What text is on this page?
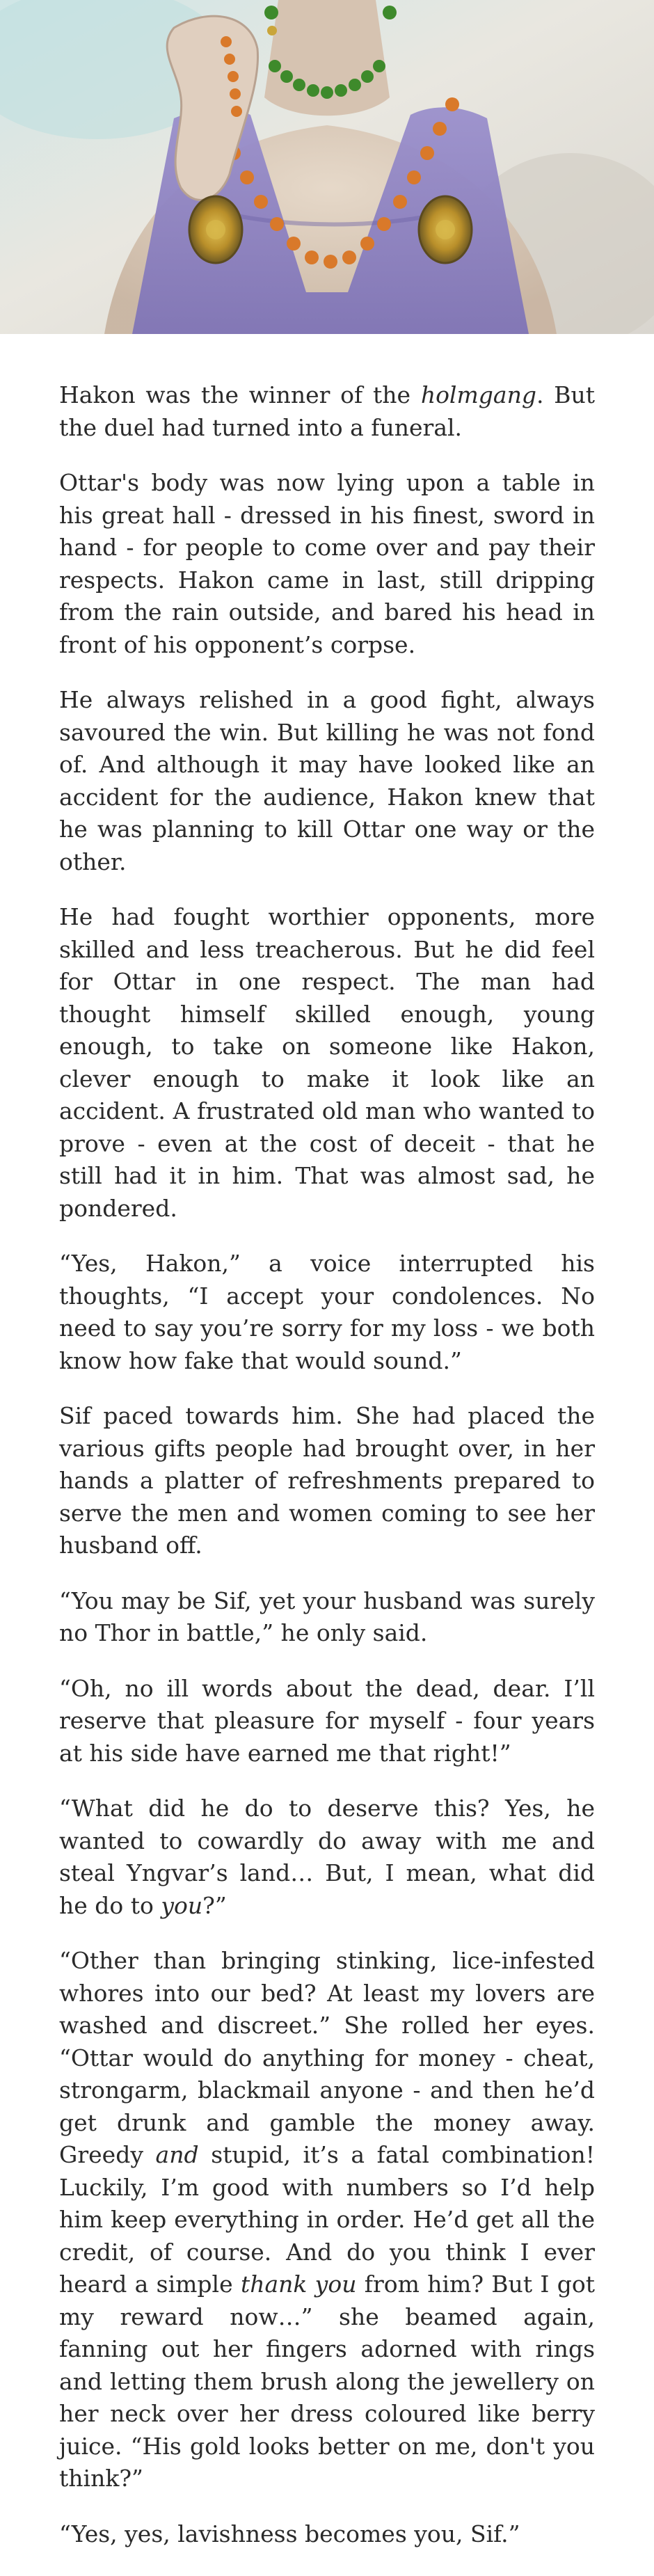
Hakon was the winner of the holmgang. But the duel had turned into a funeral.

Ottar's body was now lying upon a table in his great hall - dressed in his finest, sword in hand - for people to come over and pay their respects. Hakon came in last, still dripping from the rain outside, and bared his head in front of his opponent’s corpse.

He always relished in a good fight, always savoured the win. But killing he was not fond of. And although it may have looked like an accident for the audience, Hakon knew that he was planning to kill Ottar one way or the other.

He had fought worthier opponents, more skilled and less treacherous. But he did feel for Ottar in one respect. The man had thought himself skilled enough, young enough, to take on someone like Hakon, clever enough to make it look like an accident. A frustrated old man who wanted to prove - even at the cost of deceit - that he still had it in him. That was almost sad, he pondered.

“Yes, Hakon,” a voice interrupted his thoughts, “I accept your condolences. No need to say you’re sorry for my loss - we both know how fake that would sound.”

Sif paced towards him. She had placed the various gifts people had brought over, in her hands a platter of refreshments prepared to serve the men and women coming to see her husband off.

“You may be Sif, yet your husband was surely no Thor in battle,” he only said.

“Oh, no ill words about the dead, dear. I’ll reserve that pleasure for myself - four years at his side have earned me that right!”

“What did he do to deserve this? Yes, he wanted to cowardly do away with me and steal Yngvar’s land… But, I mean, what did he do to you?”

“Other than bringing stinking, lice-infested whores into our bed? At least my lovers are washed and discreet.” She rolled her eyes. “Ottar would do anything for money - cheat, strongarm, blackmail anyone - and then he’d get drunk and gamble the money away. Greedy and stupid, it’s a fatal combination! Luckily, I’m good with numbers so I’d help him keep everything in order. He’d get all the credit, of course. And do you think I ever heard a simple thank you from him? But I got my reward now…” she beamed again, fanning out her fingers adorned with rings and letting them brush along the jewellery on her neck over her dress coloured like berry juice. “His gold looks better on me, don't you think?”

“Yes, yes, lavishness becomes you, Sif.”
